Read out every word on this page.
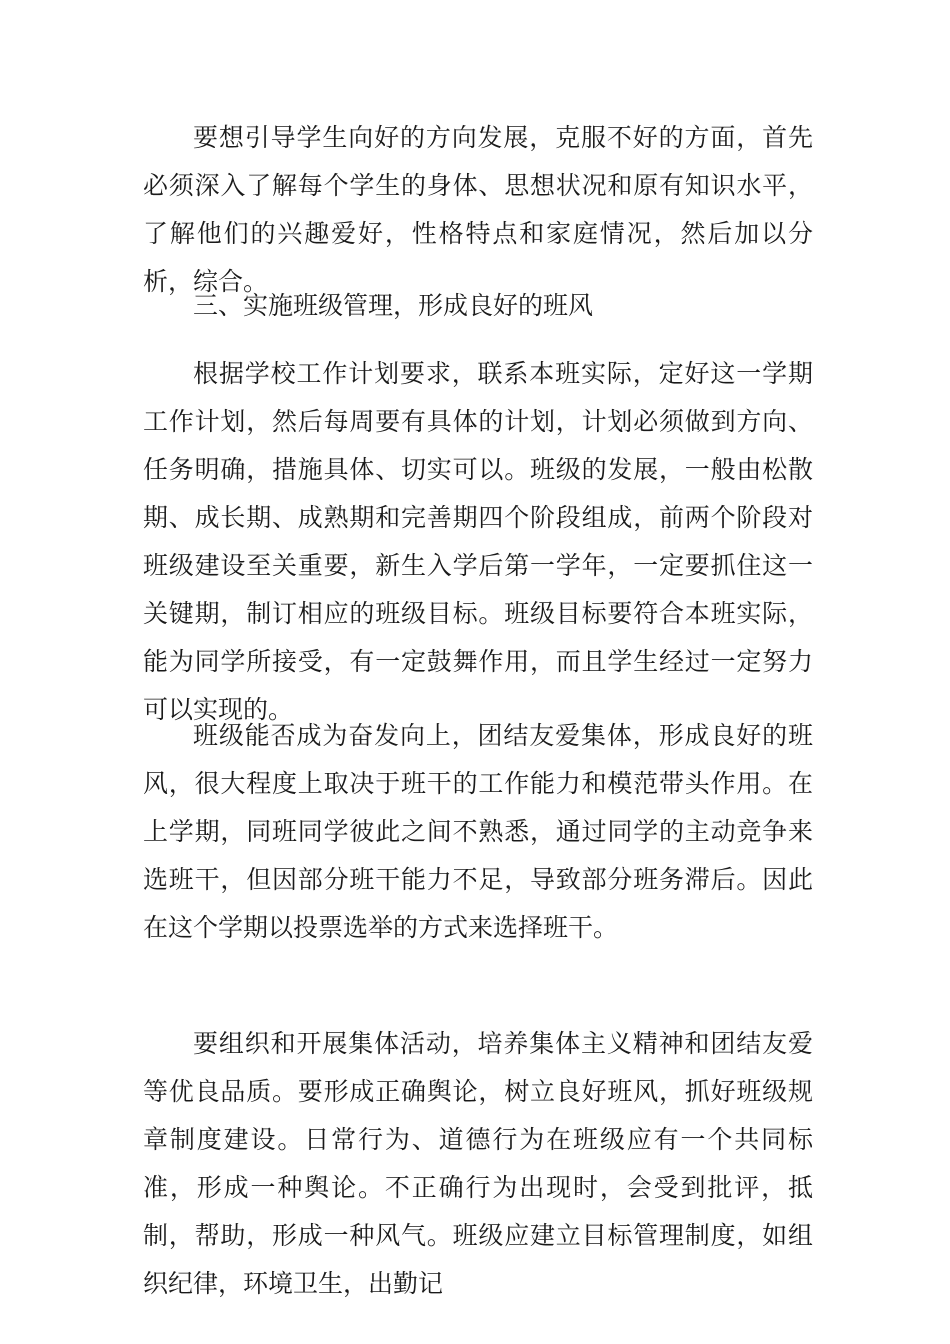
要想引导学生向好的方向发展，克服不好的方面，首先必须深入了解每个学生的身体、思想状况和原有知识水平，了解他们的兴趣爱好，性格特点和家庭情况，然后加以分析，综合。

三、实施班级管理，形成良好的班风

根据学校工作计划要求，联系本班实际，定好这一学期工作计划，然后每周要有具体的计划，计划必须做到方向、任务明确，措施具体、切实可以。班级的发展，一般由松散期、成长期、成熟期和完善期四个阶段组成，前两个阶段对班级建设至关重要，新生入学后第一学年，一定要抓住这一关键期，制订相应的班级目标。班级目标要符合本班实际，能为同学所接受，有一定鼓舞作用，而且学生经过一定努力可以实现的。

班级能否成为奋发向上，团结友爱集体，形成良好的班风，很大程度上取决于班干的工作能力和模范带头作用。在上学期，同班同学彼此之间不熟悉，通过同学的主动竞争来选班干，但因部分班干能力不足，导致部分班务滞后。因此在这个学期以投票选举的方式来选择班干。

要组织和开展集体活动，培养集体主义精神和团结友爱等优良品质。要形成正确舆论，树立良好班风，抓好班级规章制度建设。日常行为、道德行为在班级应有一个共同标准，形成一种舆论。不正确行为出现时，会受到批评，抵制，帮助，形成一种风气。班级应建立目标管理制度，如组织纪律，环境卫生，出勤记
